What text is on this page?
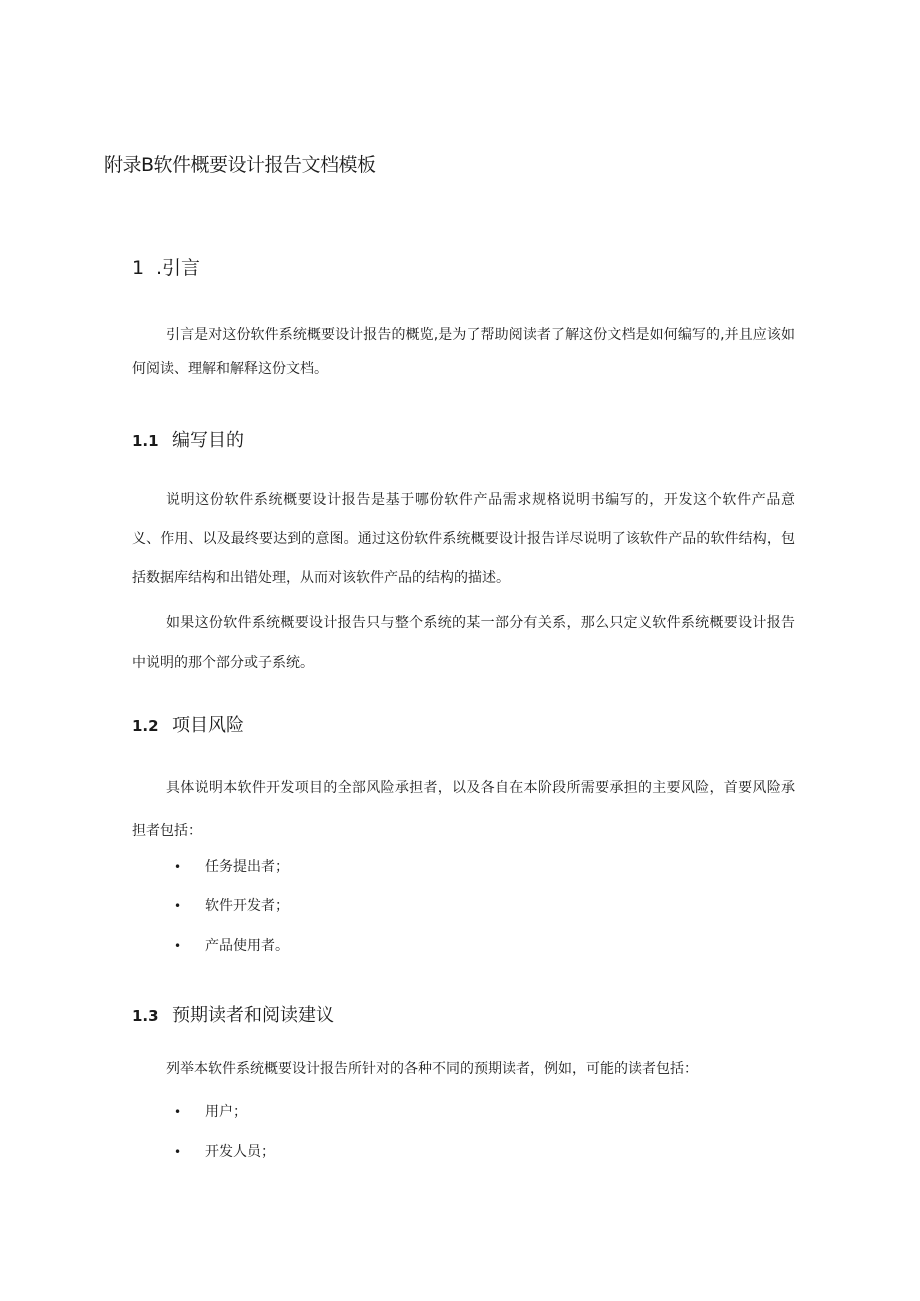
附录B软件概要设计报告文档模板
1 .引言
引言是对这份软件系统概要设计报告的概览,是为了帮助阅读者了解这份文档是如何编写的,并且应该如何阅读、理解和解释这份文档。
1.1 编写目的
说明这份软件系统概要设计报告是基于哪份软件产品需求规格说明书编写的，开发这个软件产品意义、作用、以及最终要达到的意图。通过这份软件系统概要设计报告详尽说明了该软件产品的软件结构，包括数据库结构和出错处理，从而对该软件产品的结构的描述。
如果这份软件系统概要设计报告只与整个系统的某一部分有关系，那么只定义软件系统概要设计报告中说明的那个部分或子系统。
1.2 项目风险
具体说明本软件开发项目的全部风险承担者，以及各自在本阶段所需要承担的主要风险，首要风险承担者包括：
• 任务提出者；
• 软件开发者；
• 产品使用者。
1.3 预期读者和阅读建议
列举本软件系统概要设计报告所针对的各种不同的预期读者，例如，可能的读者包括：
• 用户；
• 开发人员；
